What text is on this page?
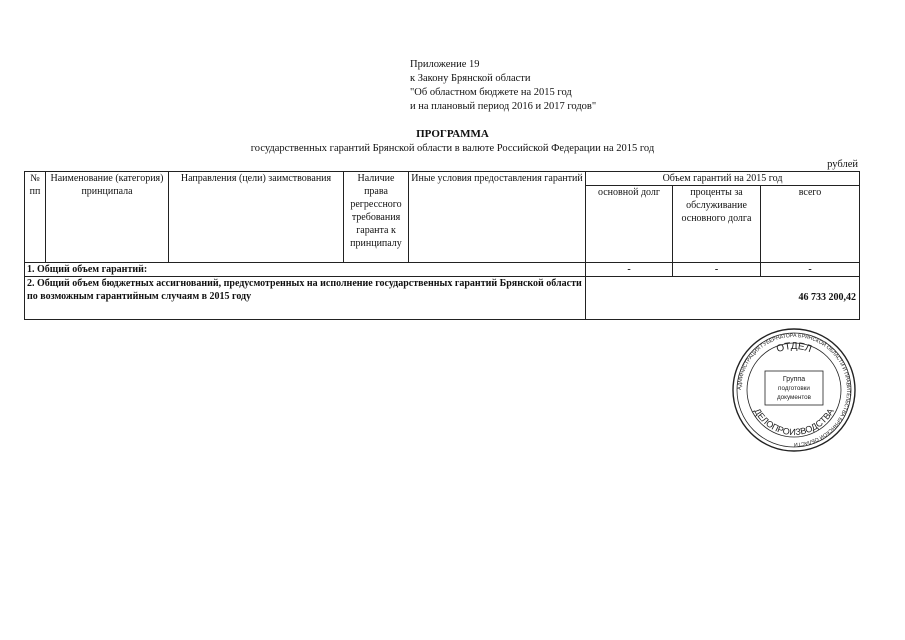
Приложение 19
к Закону Брянской области
"Об областном бюджете на 2015 год
и на плановый период 2016 и 2017 годов"
ПРОГРАММА
государственных гарантий Брянской области в валюте Российской Федерации на 2015 год
рублей
№ пп	Наименование (категория) принципала	Направления (цели) заимствования	Наличие права регрессного требования гаранта к принципалу	Иные условия предоставления гарантий	Объем гарантий на 2015 год		

					основной долг	проценты за обслуживание основного долга	всего

1. Общий объем гарантий:					-	-	-
2. Общий объем бюджетных ассигнований, предусмотренных на исполнение государственных гарантий Брянской области по возможным гарантийным случаям в 2015 году					46 733 200,42		
АДМИНИСТРАЦИЯ ГУБЕРНАТОРА БРЯНСКОЙ ОБЛАСТИ И ПРАВИТЕЛЬСТВА БРЯНСКОЙ ОБЛАСТИ
ОТДЕЛ
ДЕЛОПРОИЗВОДСТВА
Группа
подготовки
документов
